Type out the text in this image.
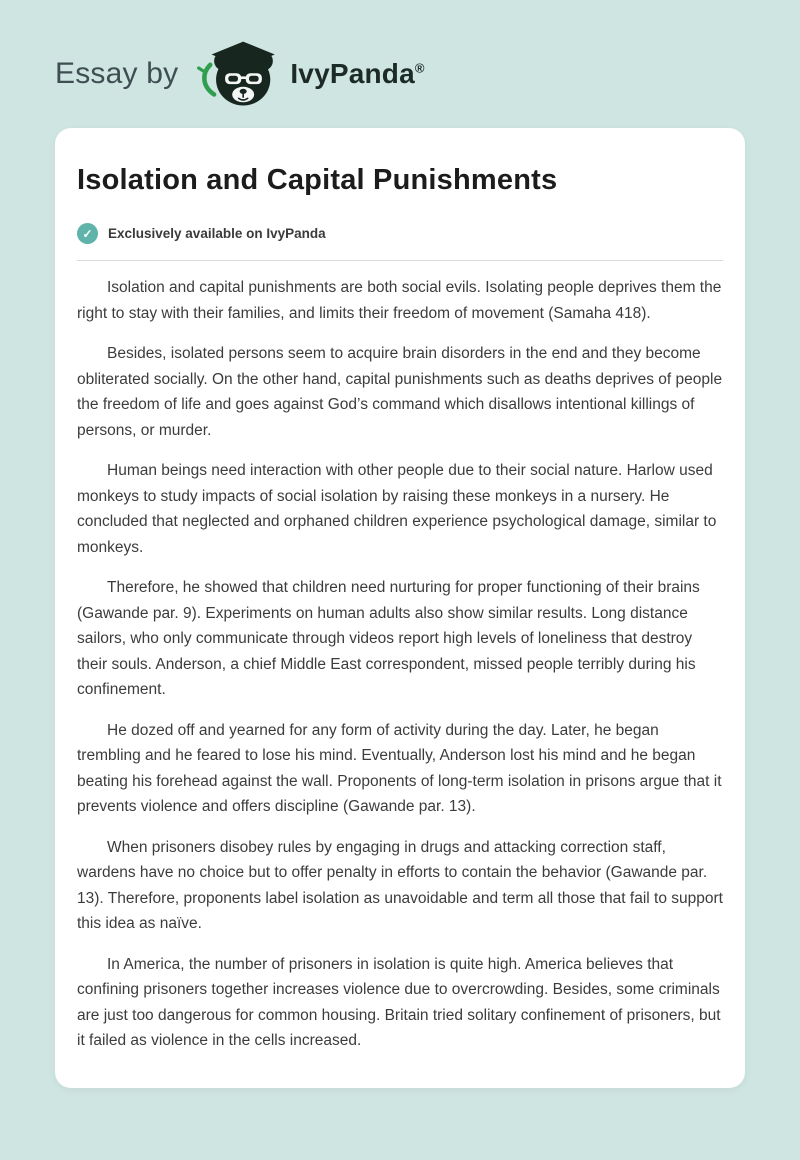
Essay by	IvyPanda®
Isolation and Capital Punishments
✓	Exclusively available on IvyPanda

Isolation and capital punishments are both social evils. Isolating people deprives them the right to stay with their families, and limits their freedom of movement (Samaha 418).

Besides, isolated persons seem to acquire brain disorders in the end and they become obliterated socially. On the other hand, capital punishments such as deaths deprives of people the freedom of life and goes against God’s command which disallows intentional killings of persons, or murder.

Human beings need interaction with other people due to their social nature. Harlow used monkeys to study impacts of social isolation by raising these monkeys in a nursery. He concluded that neglected and orphaned children experience psychological damage, similar to monkeys.

Therefore, he showed that children need nurturing for proper functioning of their brains (Gawande par. 9). Experiments on human adults also show similar results. Long distance sailors, who only communicate through videos report high levels of loneliness that destroy their souls. Anderson, a chief Middle East correspondent, missed people terribly during his confinement.

He dozed off and yearned for any form of activity during the day. Later, he began trembling and he feared to lose his mind. Eventually, Anderson lost his mind and he began beating his forehead against the wall. Proponents of long-term isolation in prisons argue that it prevents violence and offers discipline (Gawande par. 13).

When prisoners disobey rules by engaging in drugs and attacking correction staff, wardens have no choice but to offer penalty in efforts to contain the behavior (Gawande par. 13). Therefore, proponents label isolation as unavoidable and term all those that fail to support this idea as naïve.

In America, the number of prisoners in isolation is quite high. America believes that confining prisoners together increases violence due to overcrowding. Besides, some criminals are just too dangerous for common housing. Britain tried solitary confinement of prisoners, but it failed as violence in the cells increased.
